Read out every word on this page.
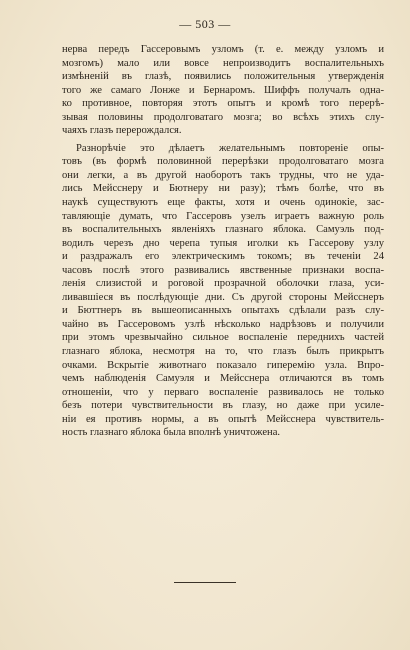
— 503 —
нерва передъ Гассеровымъ узломъ (т. е. между узломъ и
мозгомъ) мало или вовсе непроизводитъ воспалительныхъ
измѣненiй въ глазѣ, появились положительныя утвержденiя
того же самаго Лонже и Бернаромъ. Шиффъ получалъ одна-
ко противное, повторяя этотъ опытъ и кромѣ того перерѣ-
зывая половины продолговатаго мозга; во всѣхъ этихъ слу-
чаяхъ глазъ перерождался.
Разнорѣчiе это дѣлаетъ желательнымъ повторенiе опы-
товъ (въ формѣ половинной перерѣзки продолговатаго мозга
они легки, а въ другой наоборотъ такъ трудны, что не уда-
лись Мейсснеру и Бютнеру ни разу); тѣмъ болѣе, что въ
наукѣ существуютъ еще факты, хотя и очень одинокiе, зас-
тавляющiе думать, что Гассеровъ узелъ играетъ важную роль
въ воспалительныхъ явленiяхъ глазнаго яблока. Самуэль под-
водилъ черезъ дно черепа тупыя иголки къ Гассерову узлу
и раздражалъ его электрическимъ токомъ; въ теченiи 24
часовъ послѣ этого развивались явственные признаки воспа-
ленiя слизистой и роговой прозрачной оболочки глаза, уси-
ливавшiеся въ послѣдующiе дни. Съ другой стороны Мейсснеръ
и Бюттнеръ въ вышеописанныхъ опытахъ сдѣлали разъ слу-
чайно въ Гассеровомъ узлѣ нѣсколько надрѣзовъ и получили
при этомъ чрезвычайно сильное воспаленiе переднихъ частей
глазнаго яблока, несмотря на то, что глазъ былъ прикрытъ
очками. Вскрытiе животнаго показало гиперемiю узла. Впро-
чемъ наблюденiя Самуэля и Мейсснера отличаются въ томъ
отношенiи, что у перваго воспаленiе развивалось не только
безъ потери чувствительности въ глазу, но даже при усиле-
нiи ея противъ нормы, а въ опытѣ Мейсснера чувствитель-
ность глазнаго яблока была вполнѣ уничтожена.
